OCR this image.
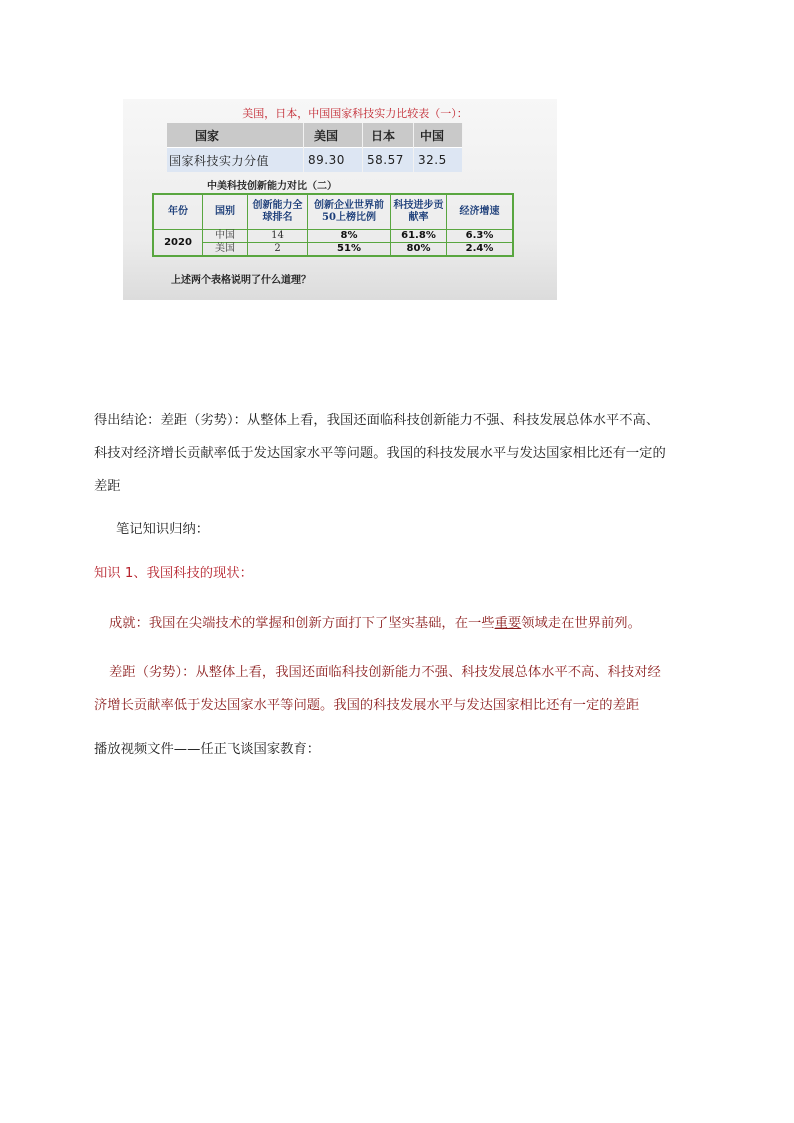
美国，日本，中国国家科技实力比较表（一）：
国家	美国	日本	中国
国家科技实力分值	89.30	58.57	32.5
中美科技创新能力对比（二）
年份	国别	创新能力全球排名	创新企业世界前50上榜比例	科技进步贡献率	经济增速
2020	中国	14	8%	61.8%	6.3%
	美国	2	51%	80%	2.4%
上述两个表格说明了什么道理？
得出结论：差距（劣势）：从整体上看，我国还面临科技创新能力不强、科技发展总体水平不高、
科技对经济增长贡献率低于发达国家水平等问题。我国的科技发展水平与发达国家相比还有一定的
差距
笔记知识归纳：
知识 1、我国科技的现状：
成就：我国在尖端技术的掌握和创新方面打下了坚实基础，在一些重要领域走在世界前列。
差距（劣势）：从整体上看，我国还面临科技创新能力不强、科技发展总体水平不高、科技对经
济增长贡献率低于发达国家水平等问题。我国的科技发展水平与发达国家相比还有一定的差距
播放视频文件——任正飞谈国家教育：
